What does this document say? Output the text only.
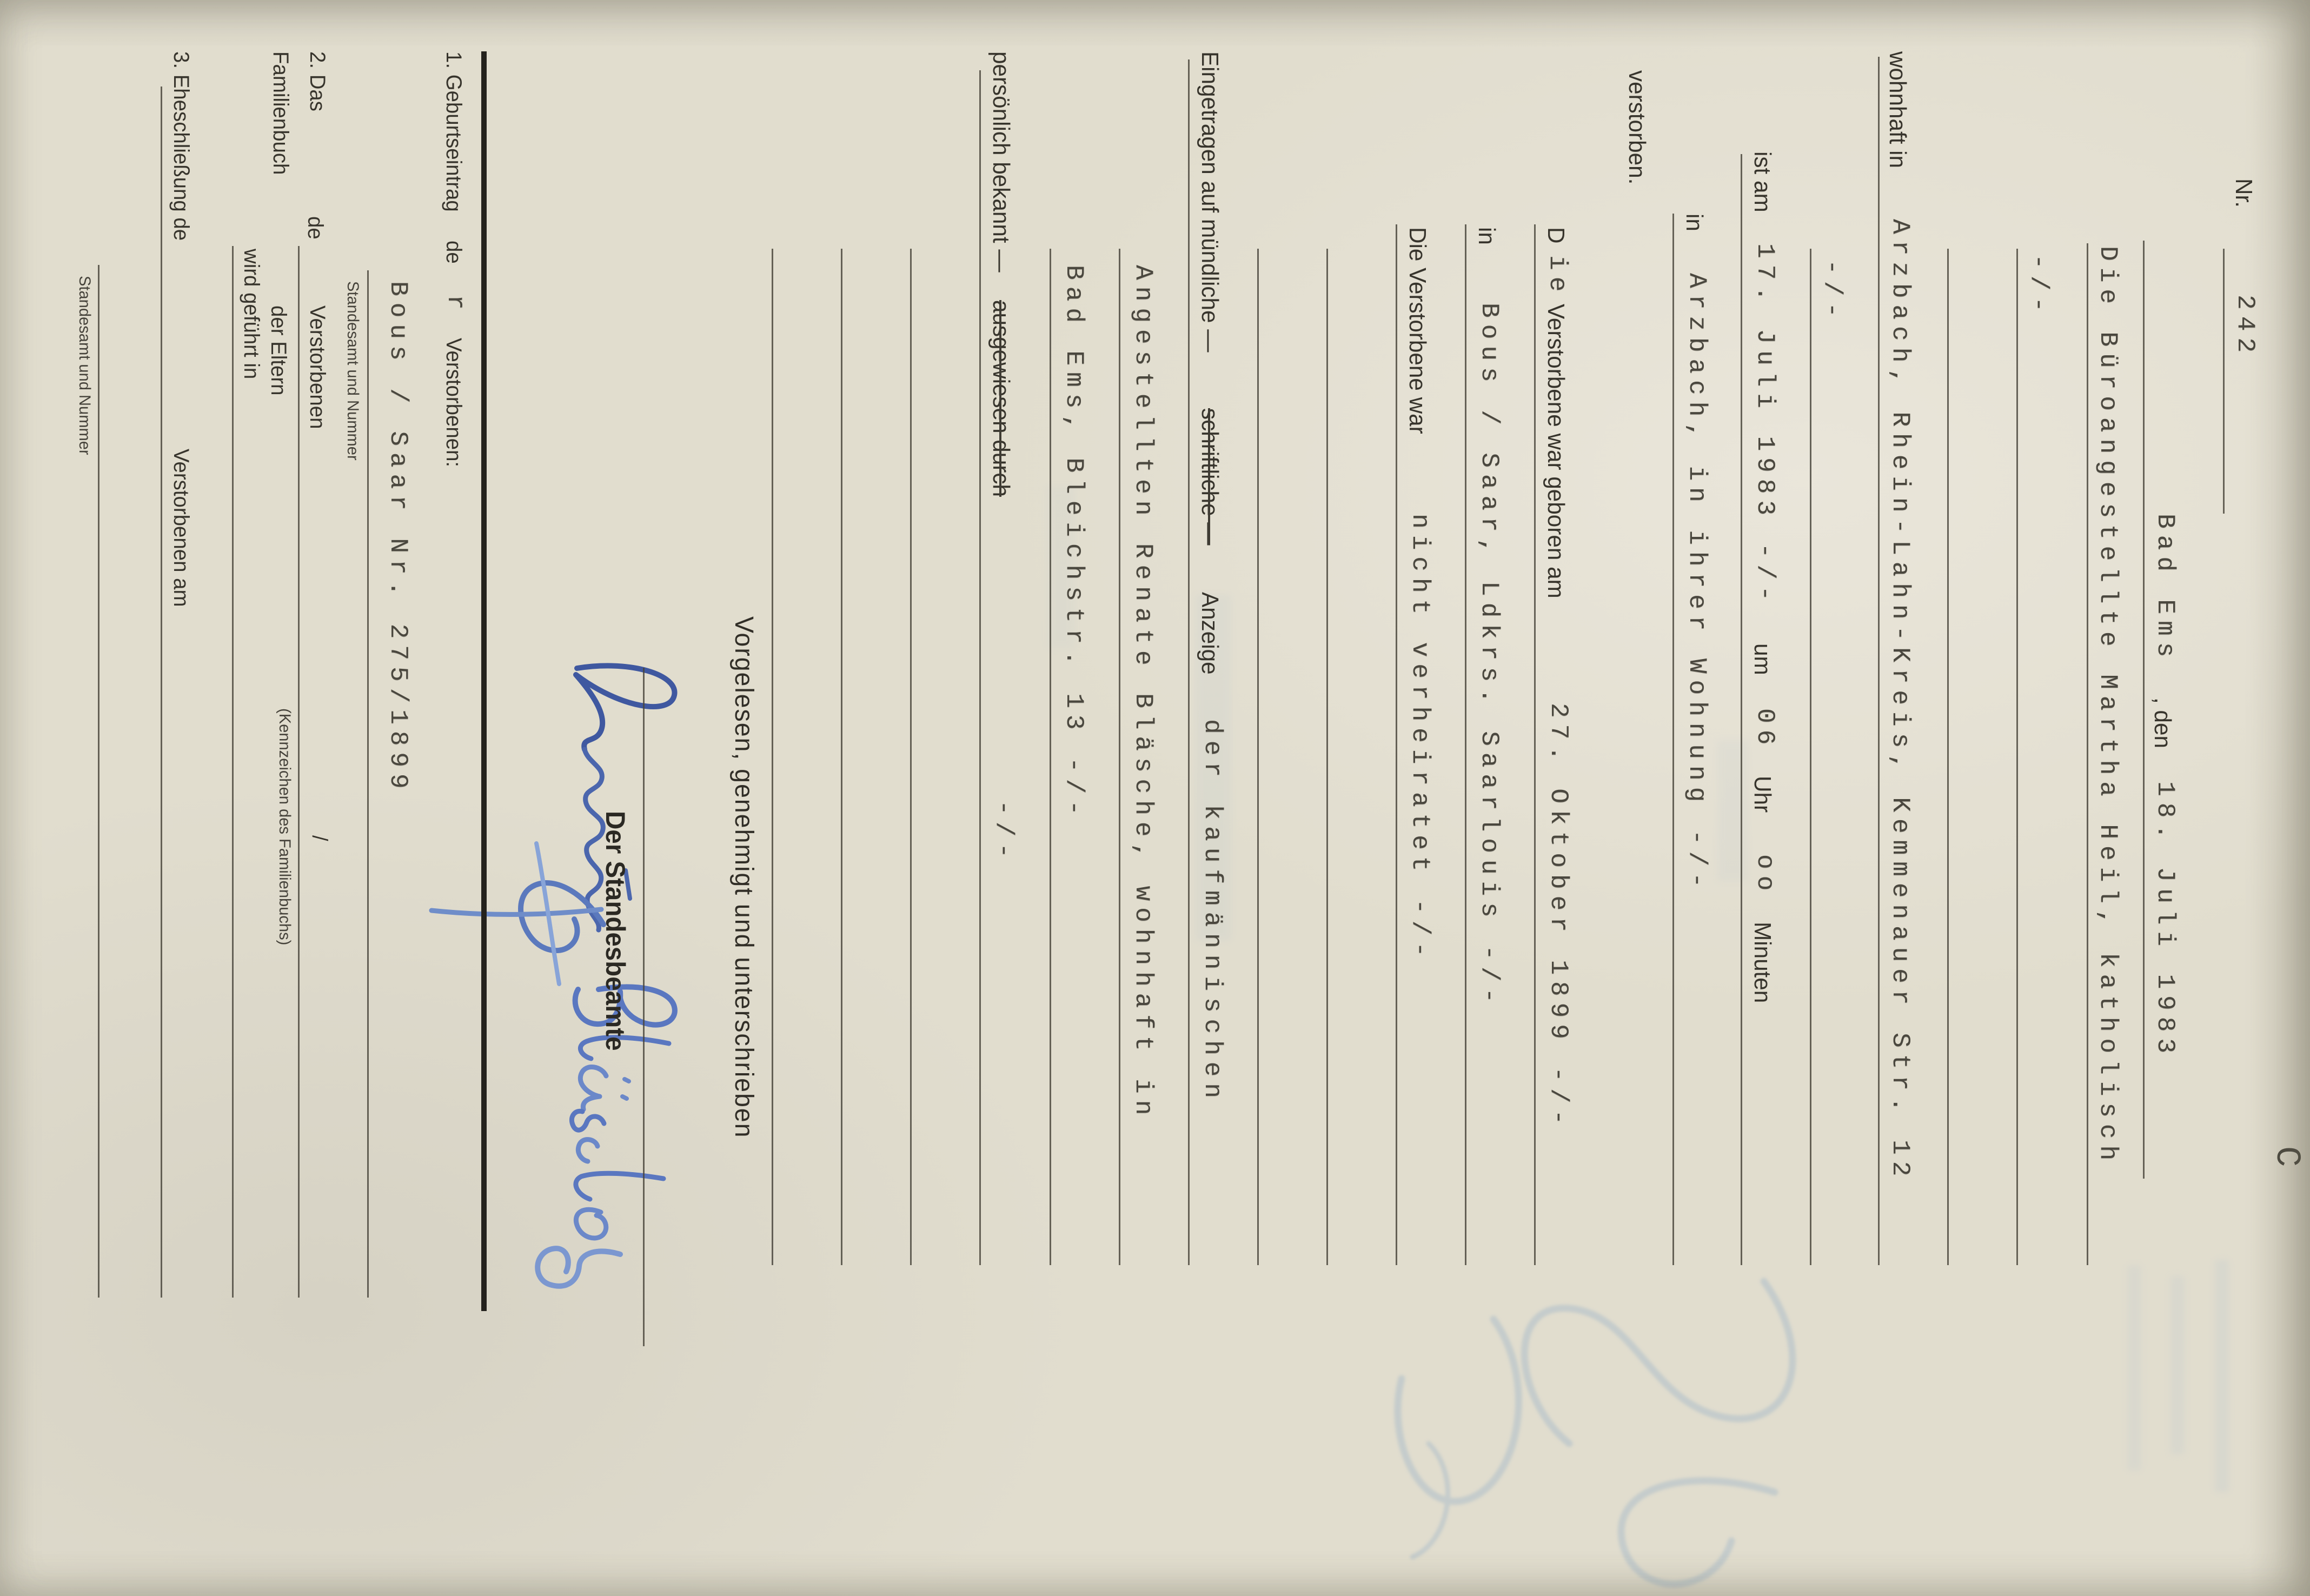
C
Nr.
242
Bad Ems
, den
18. Juli 1983
Die Büroangestellte Martha Heil, katholisch
-/-
wohnhaft in
Arzbach, Rhein-Lahn-Kreis, Kemmenauer Str. 12
-/-
ist am
17. Juli 1983 -/-
um
06
Uhr
oo
Minuten
in
Arzbach, in ihrer Wohnung -/-
verstorben.
D
ie
Verstorbene war geboren am
27. Oktober 1899 -/-
in
Bous / Saar, Ldkrs. Saarlouis -/-
Die Verstorbene war
nicht verheiratet -/-
Eingetragen auf mündliche —
schriftliche —
Anzeige
der kaufmännischen
Angestellten Renate Bläsche, wohnhaft in
Bad Ems, Bleichstr. 13 -/-
persönlich bekannt —
ausgewiesen durch
-/-
Vorgelesen, genehmigt und unterschrieben
Der Standesbeamte
1. Geburtseintrag
de
r
Verstorbenen:
Bous / Saar Nr. 275/1899
Standesamt und Nummer
2. Das
de
Verstorbenen
/
(Kennzeichen des Familienbuchs)
Familienbuch
der Eltern
wird geführt in
3. Eheschließung de
Verstorbenen am
Standesamt und Nummer
